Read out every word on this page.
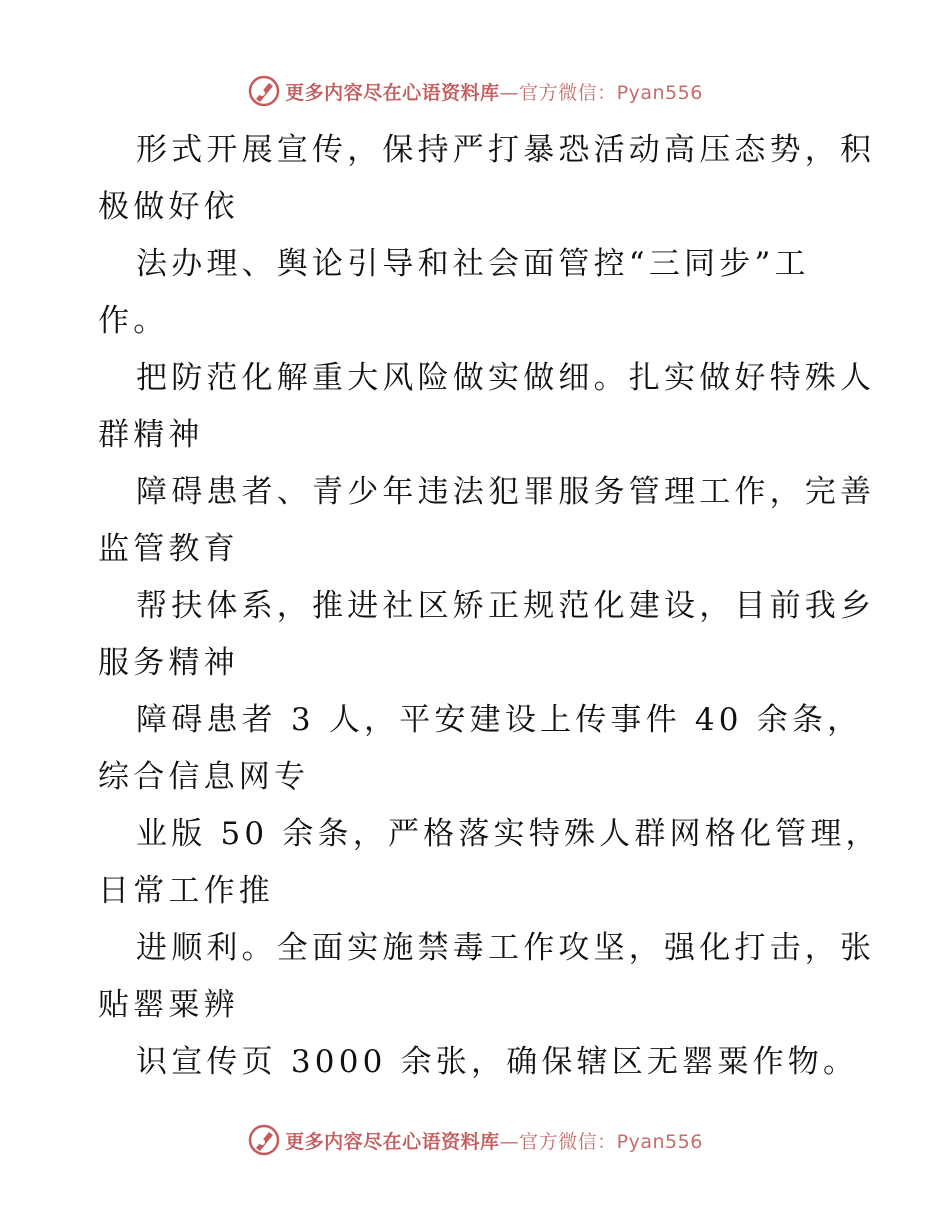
更多内容尽在心语资料库—官方微信：Pyan556
形式开展宣传，保持严打暴恐活动高压态势，积
极做好依
法办理、舆论引导和社会面管控“三同步”工
作。
把防范化解重大风险做实做细。扎实做好特殊人
群精神
障碍患者、青少年违法犯罪服务管理工作，完善
监管教育
帮扶体系，推进社区矫正规范化建设，目前我乡
服务精神
障碍患者 3 人，平安建设上传事件 40 余条，
综合信息网专
业版 50 余条，严格落实特殊人群网格化管理，
日常工作推
进顺利。全面实施禁毒工作攻坚，强化打击，张
贴罂粟辨
识宣传页 3000 余张，确保辖区无罂粟作物。
更多内容尽在心语资料库—官方微信：Pyan556
